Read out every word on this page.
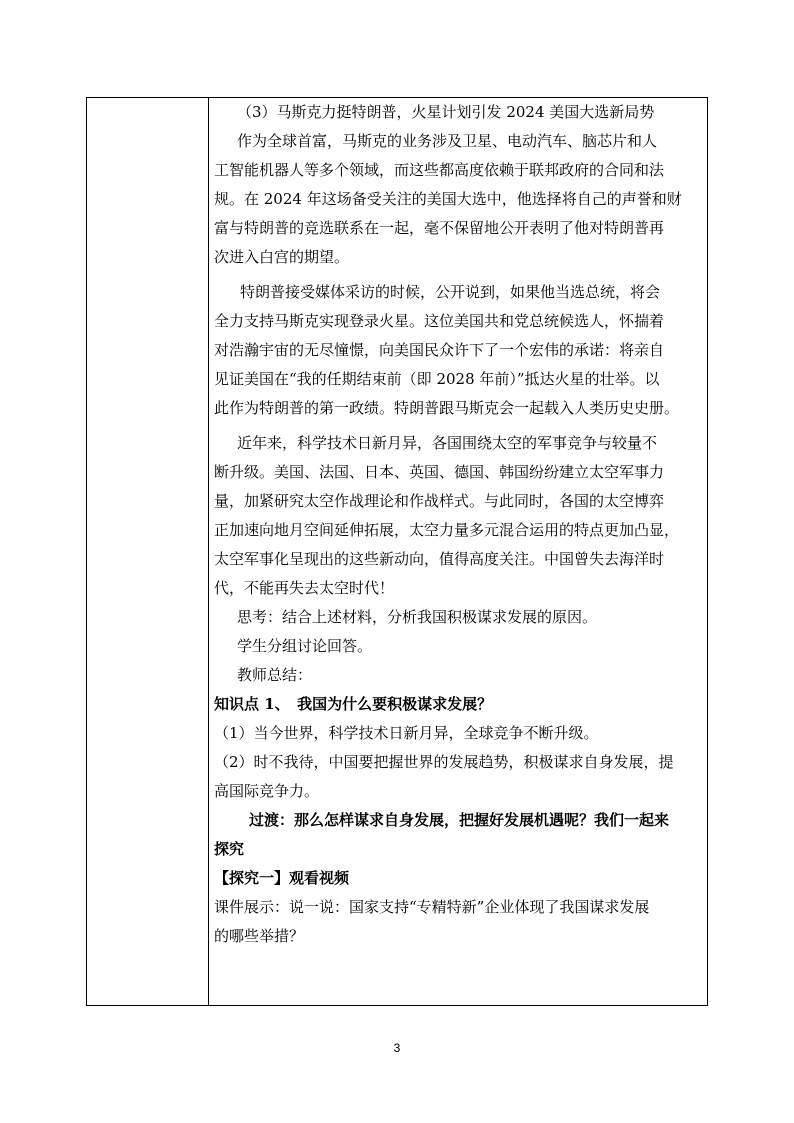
（3）马斯克力挺特朗普，火星计划引发 2024 美国大选新局势
作为全球首富，马斯克的业务涉及卫星、电动汽车、脑芯片和人
工智能机器人等多个领域，而这些都高度依赖于联邦政府的合同和法
规。在 2024 年这场备受关注的美国大选中，他选择将自己的声誉和财
富与特朗普的竞选联系在一起，毫不保留地公开表明了他对特朗普再
次进入白宫的期望。
特朗普接受媒体采访的时候，公开说到，如果他当选总统，将会
全力支持马斯克实现登录火星。这位美国共和党总统候选人，怀揣着
对浩瀚宇宙的无尽憧憬，向美国民众许下了一个宏伟的承诺：将亲自
见证美国在“我的任期结束前（即 2028 年前）”抵达火星的壮举。以
此作为特朗普的第一政绩。特朗普跟马斯克会一起载入人类历史史册。
近年来，科学技术日新月异，各国围绕太空的军事竞争与较量不
断升级。美国、法国、日本、英国、德国、韩国纷纷建立太空军事力
量，加紧研究太空作战理论和作战样式。与此同时，各国的太空博弈
正加速向地月空间延伸拓展，太空力量多元混合运用的特点更加凸显，
太空军事化呈现出的这些新动向，值得高度关注。中国曾失去海洋时
代，不能再失去太空时代！
思考：结合上述材料，分析我国积极谋求发展的原因。
学生分组讨论回答。
教师总结：
知识点 1、　我国为什么要积极谋求发展？
（1）当今世界，科学技术日新月异，全球竞争不断升级。
（2）时不我待，中国要把握世界的发展趋势，积极谋求自身发展，提
高国际竞争力。
过渡：那么怎样谋求自身发展，把握好发展机遇呢？我们一起来
探究
【探究一】观看视频
课件展示：说一说：国家支持“专精特新”企业体现了我国谋求发展
的哪些举措？
3
